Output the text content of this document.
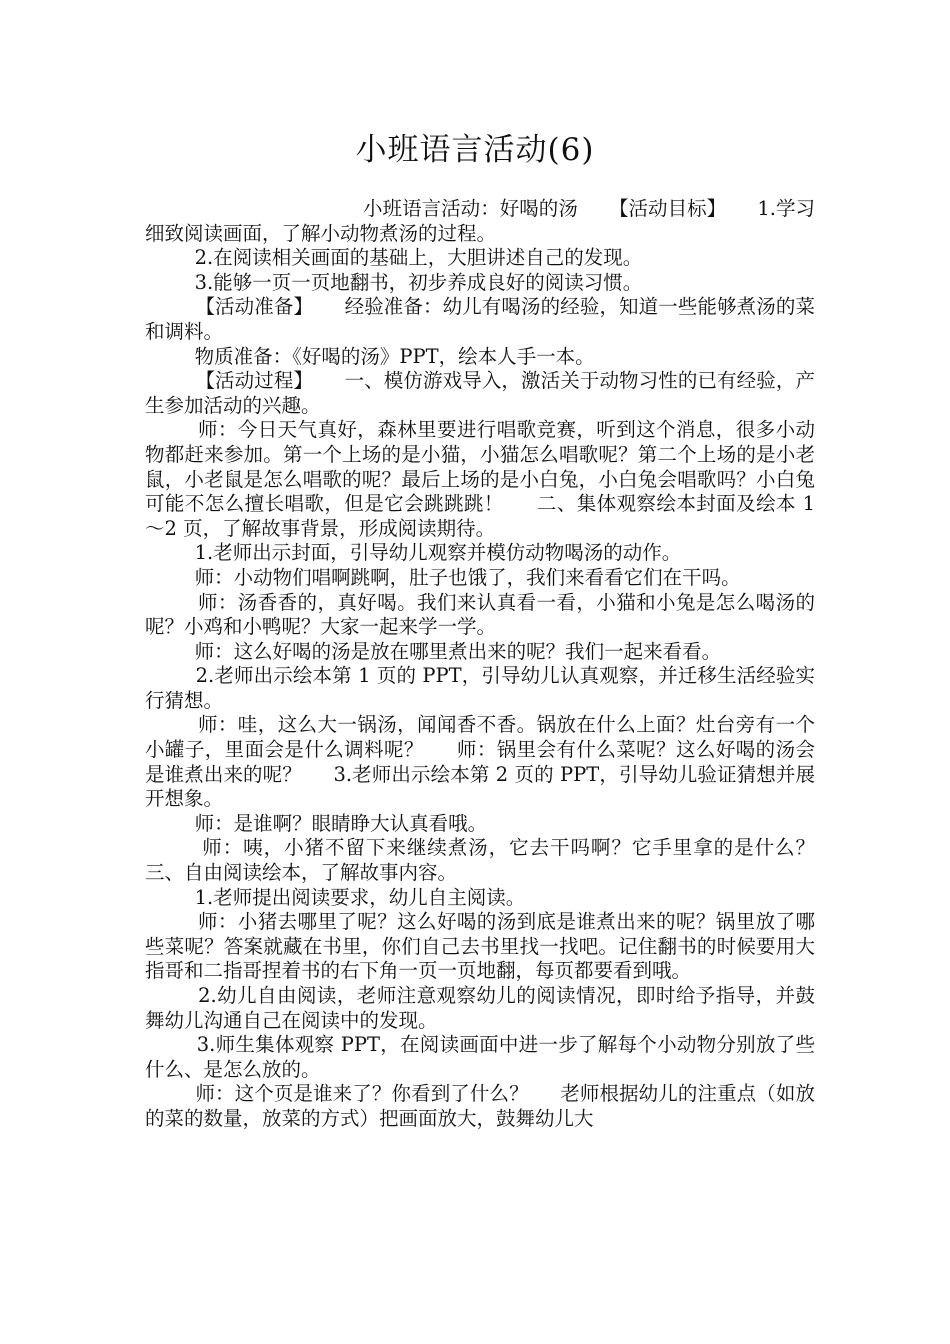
小班语言活动(6)

小班语言活动：好喝的汤     【活动目标】     1.学习细致阅读画面，了解小动物煮汤的过程。

2.在阅读相关画面的基础上，大胆讲述自己的发现。

3.能够一页一页地翻书，初步养成良好的阅读习惯。

【活动准备】     经验准备：幼儿有喝汤的经验，知道一些能够煮汤的菜和调料。

物质准备：《好喝的汤》PPT，绘本人手一本。

【活动过程】     一、模仿游戏导入，激活关于动物习性的已有经验，产生参加活动的兴趣。

师：今日天气真好，森林里要进行唱歌竞赛，听到这个消息，很多小动物都赶来参加。第一个上场的是小猫，小猫怎么唱歌呢？第二个上场的是小老鼠，小老鼠是怎么唱歌的呢？最后上场的是小白兔，小白兔会唱歌吗？小白兔可能不怎么擅长唱歌，但是它会跳跳跳！     二、集体观察绘本封面及绘本 1～2 页，了解故事背景，形成阅读期待。

1.老师出示封面，引导幼儿观察并模仿动物喝汤的动作。

师：小动物们唱啊跳啊，肚子也饿了，我们来看看它们在干吗。

师：汤香香的，真好喝。我们来认真看一看，小猫和小兔是怎么喝汤的呢？小鸡和小鸭呢？大家一起来学一学。

师：这么好喝的汤是放在哪里煮出来的呢？我们一起来看看。

2.老师出示绘本第 1 页的 PPT，引导幼儿认真观察，并迁移生活经验实行猜想。

师：哇，这么大一锅汤，闻闻香不香。锅放在什么上面？灶台旁有一个小罐子，里面会是什么调料呢？     师：锅里会有什么菜呢？这么好喝的汤会是谁煮出来的呢？     3.老师出示绘本第 2 页的 PPT，引导幼儿验证猜想并展开想象。

师：是谁啊？眼睛睁大认真看哦。

师：咦，小猪不留下来继续煮汤，它去干吗啊？它手里拿的是什么？     三、自由阅读绘本，了解故事内容。

1.老师提出阅读要求，幼儿自主阅读。

师：小猪去哪里了呢？这么好喝的汤到底是谁煮出来的呢？锅里放了哪些菜呢？答案就藏在书里，你们自己去书里找一找吧。记住翻书的时候要用大指哥和二指哥捏着书的右下角一页一页地翻，每页都要看到哦。

2.幼儿自由阅读，老师注意观察幼儿的阅读情况，即时给予指导，并鼓舞幼儿沟通自己在阅读中的发现。

3.师生集体观察 PPT，在阅读画面中进一步了解每个小动物分别放了些什么、是怎么放的。

师：这个页是谁来了？你看到了什么？     老师根据幼儿的注重点（如放的菜的数量，放菜的方式）把画面放大，鼓舞幼儿大
